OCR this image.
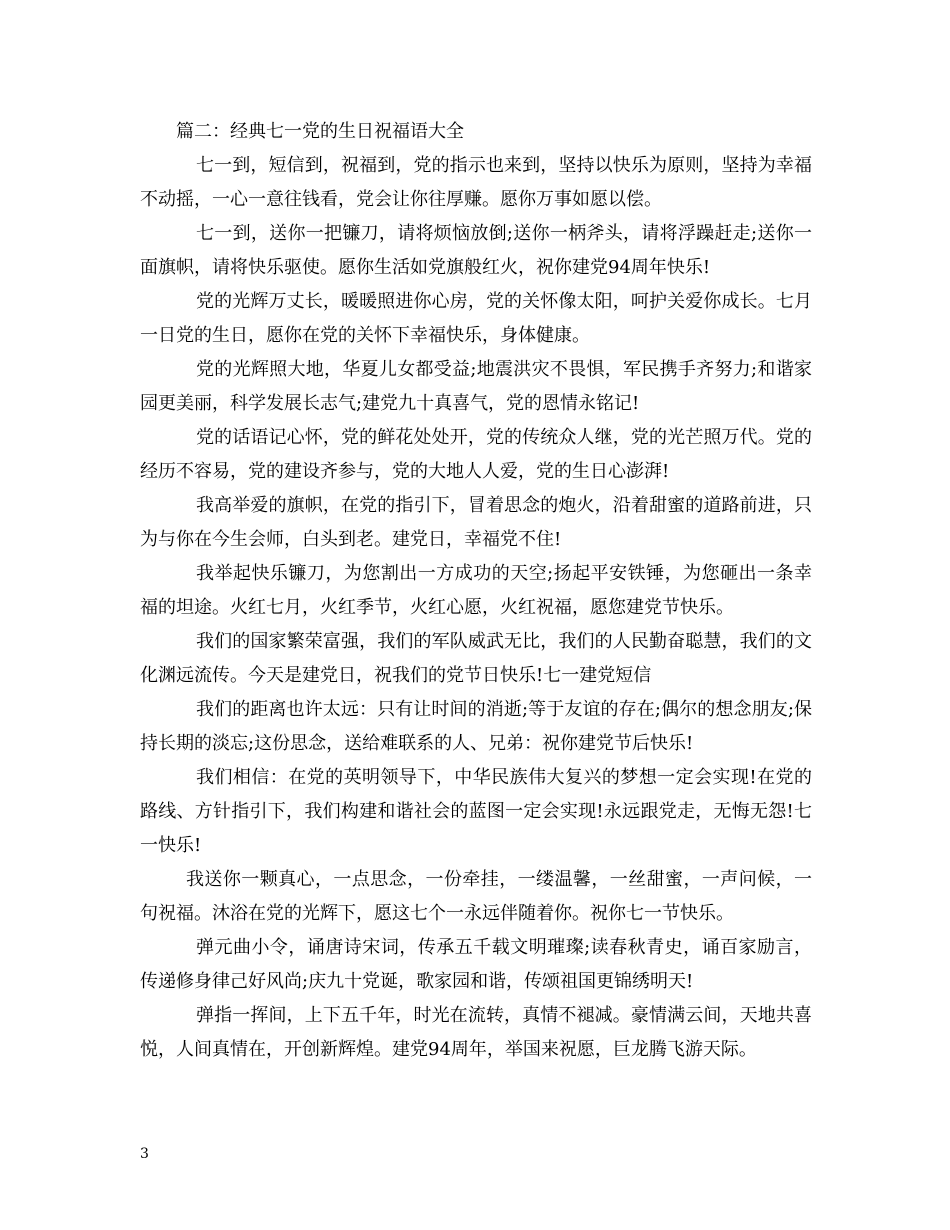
篇二：经典七一党的生日祝福语大全

七一到，短信到，祝福到，党的指示也来到，坚持以快乐为原则，坚持为幸福不动摇，一心一意往钱看，党会让你往厚赚。愿你万事如愿以偿。

七一到，送你一把镰刀，请将烦恼放倒;送你一柄斧头，请将浮躁赶走;送你一面旗帜，请将快乐驱使。愿你生活如党旗般红火，祝你建党94周年快乐!

党的光辉万丈长，暖暖照进你心房，党的关怀像太阳，呵护关爱你成长。七月一日党的生日，愿你在党的关怀下幸福快乐，身体健康。

党的光辉照大地，华夏儿女都受益;地震洪灾不畏惧，军民携手齐努力;和谐家园更美丽，科学发展长志气;建党九十真喜气，党的恩情永铭记!

党的话语记心怀，党的鲜花处处开，党的传统众人继，党的光芒照万代。党的经历不容易，党的建设齐参与，党的大地人人爱，党的生日心澎湃!

我高举爱的旗帜，在党的指引下，冒着思念的炮火，沿着甜蜜的道路前进，只为与你在今生会师，白头到老。建党日，幸福党不住!

我举起快乐镰刀，为您割出一方成功的天空;扬起平安铁锤，为您砸出一条幸福的坦途。火红七月，火红季节，火红心愿，火红祝福，愿您建党节快乐。

我们的国家繁荣富强，我们的军队威武无比，我们的人民勤奋聪慧，我们的文化渊远流传。今天是建党日，祝我们的党节日快乐!七一建党短信

我们的距离也许太远：只有让时间的消逝;等于友谊的存在;偶尔的想念朋友;保持长期的淡忘;这份思念，送给难联系的人、兄弟：祝你建党节后快乐!

我们相信：在党的英明领导下，中华民族伟大复兴的梦想一定会实现!在党的路线、方针指引下，我们构建和谐社会的蓝图一定会实现!永远跟党走，无悔无怨!七一快乐!

我送你一颗真心，一点思念，一份牵挂，一缕温馨，一丝甜蜜，一声问候，一句祝福。沐浴在党的光辉下，愿这七个一永远伴随着你。祝你七一节快乐。

弹元曲小令，诵唐诗宋词，传承五千载文明璀璨;读春秋青史，诵百家励言，传递修身律己好风尚;庆九十党诞，歌家园和谐，传颂祖国更锦绣明天!

弹指一挥间，上下五千年，时光在流转，真情不褪减。豪情满云间，天地共喜悦，人间真情在，开创新辉煌。建党94周年，举国来祝愿，巨龙腾飞游天际。

3
